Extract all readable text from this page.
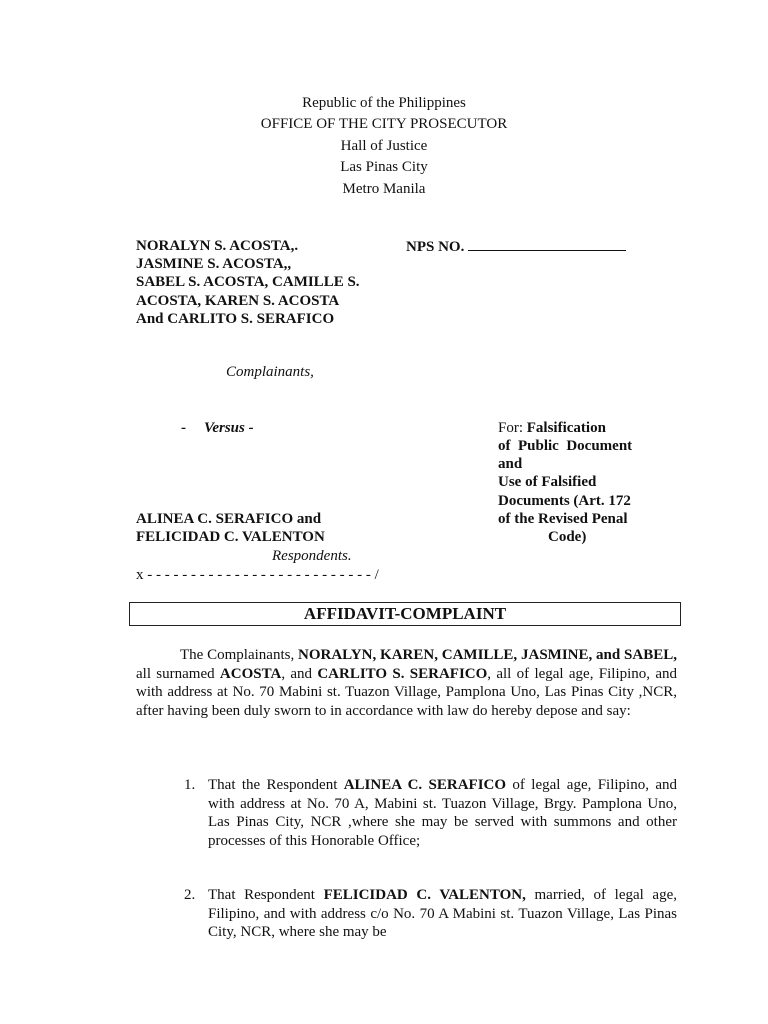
Republic of the Philippines
OFFICE OF THE CITY PROSECUTOR
Hall of Justice
Las Pinas City
Metro Manila
NORALYN S. ACOSTA,.
JASMINE S. ACOSTA,,
SABEL S. ACOSTA, CAMILLE S.
ACOSTA, KAREN S. ACOSTA
And CARLITO S. SERAFICO
NPS NO.
Complainants,
- Versus -	For: Falsification
of  Public  Document
and
Use of Falsified
Documents (Art. 172
of the Revised Penal
Code)
ALINEA C. SERAFICO and
FELICIDAD C. VALENTON
Respondents.
x - - - - - - - - - - - - - - - - - - - - - - - - - - /
AFFIDAVIT-COMPLAINT
The Complainants, NORALYN, KAREN, CAMILLE, JASMINE, and SABEL, all surnamed ACOSTA, and CARLITO S. SERAFICO, all of legal age, Filipino, and with address at No. 70 Mabini st. Tuazon Village, Pamplona Uno, Las Pinas City ,NCR, after having been duly sworn to in accordance with law do hereby depose and say:
1. That the Respondent ALINEA C. SERAFICO of legal age, Filipino, and with address at No. 70 A, Mabini st. Tuazon Village, Brgy. Pamplona Uno, Las Pinas City, NCR ,where she may be served with summons and other processes of this Honorable Office;
2. That Respondent FELICIDAD C. VALENTON, married, of legal age, Filipino, and with address c/o No. 70 A Mabini st. Tuazon Village, Las Pinas City, NCR, where she may be
